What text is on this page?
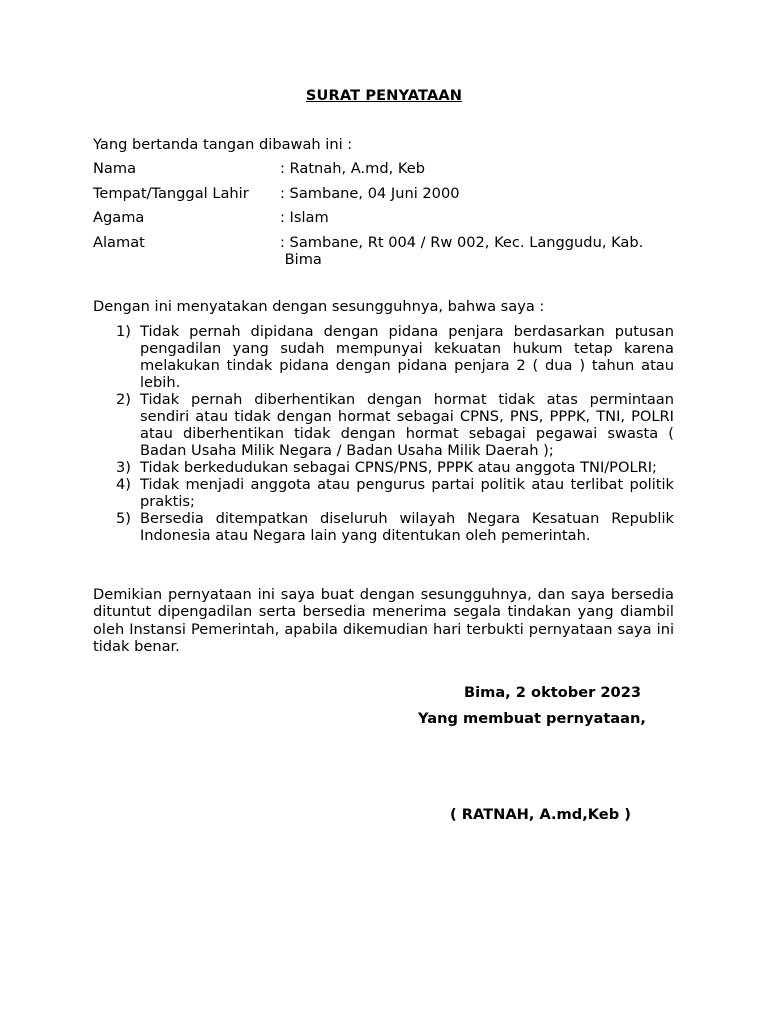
SURAT PENYATAAN
Yang bertanda tangan dibawah ini :
Nama	: Ratnah, A.md, Keb
Tempat/Tanggal Lahir : Sambane, 04 Juni 2000
Agama	: Islam
Alamat	: Sambane, Rt 004 / Rw 002, Kec. Langgudu, Kab.
Bima
Dengan ini menyatakan dengan sesungguhnya, bahwa saya :
1) Tidak pernah dipidana dengan pidana penjara berdasarkan putusan pengadilan yang sudah mempunyai kekuatan hukum tetap karena melakukan tindak pidana dengan pidana penjara 2 ( dua ) tahun atau lebih.
2) Tidak pernah diberhentikan dengan hormat tidak atas permintaan sendiri atau tidak dengan hormat sebagai CPNS, PNS, PPPK, TNI, POLRI atau diberhentikan tidak dengan hormat sebagai pegawai swasta ( Badan Usaha Milik Negara / Badan Usaha Milik Daerah );
3) Tidak berkedudukan sebagai CPNS/PNS, PPPK atau anggota TNI/POLRI;
4) Tidak menjadi anggota atau pengurus partai politik atau terlibat politik praktis;
5) Bersedia ditempatkan diseluruh wilayah Negara Kesatuan Republik Indonesia atau Negara lain yang ditentukan oleh pemerintah.
Demikian pernyataan ini saya buat dengan sesungguhnya, dan saya bersedia dituntut dipengadilan serta bersedia menerima segala tindakan yang diambil oleh Instansi Pemerintah, apabila dikemudian hari terbukti pernyataan saya ini tidak benar.
Bima, 2 oktober 2023
Yang membuat pernyataan,
( RATNAH, A.md,Keb )
